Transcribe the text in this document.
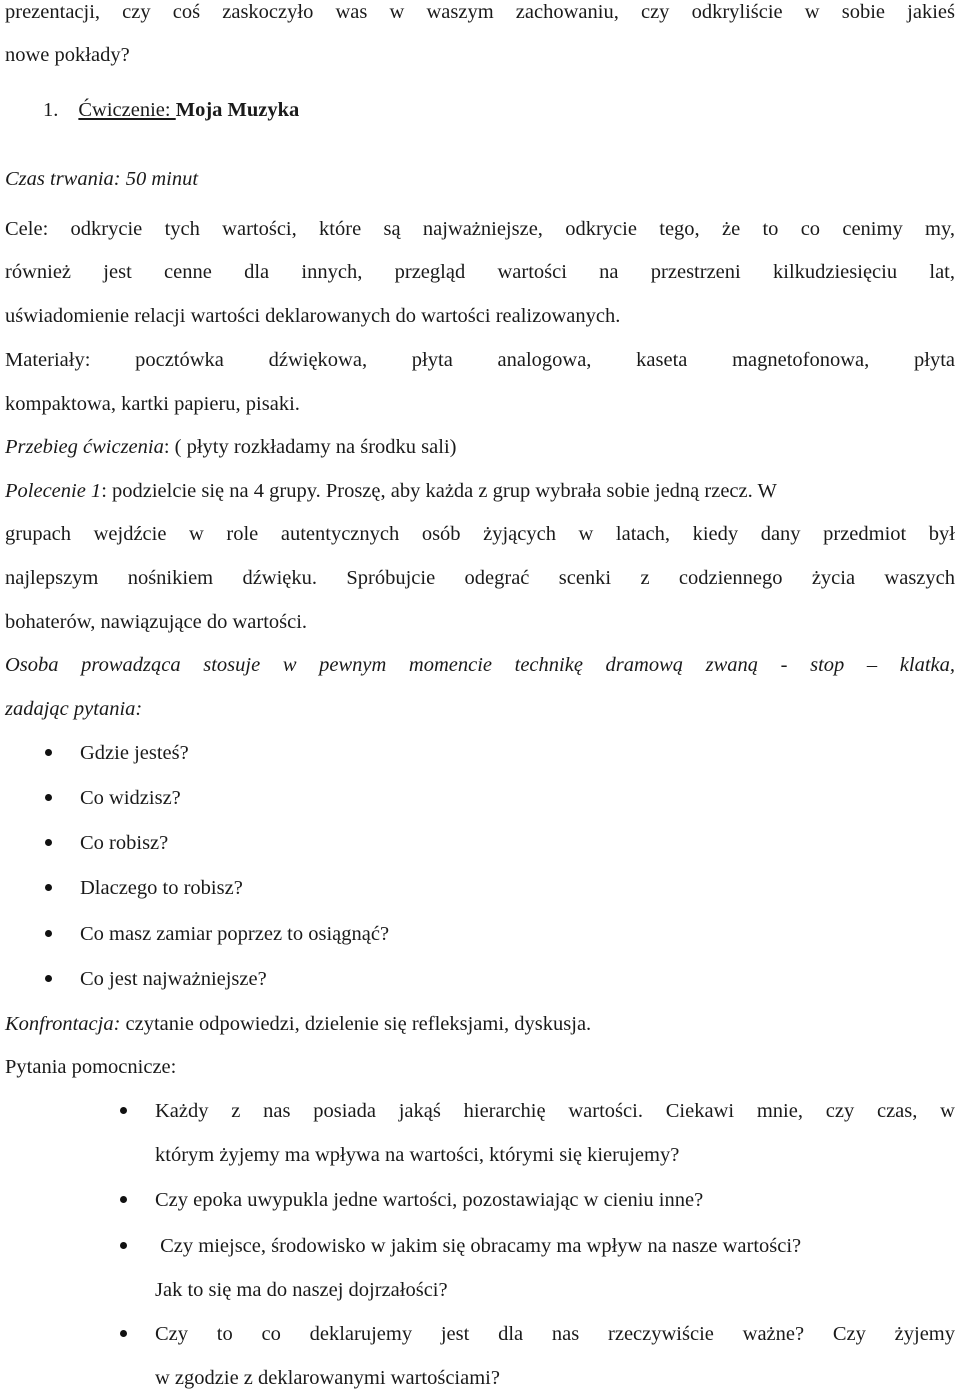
prezentacji, czy coś zaskoczyło was w waszym zachowaniu, czy odkryliście w sobie jakieś
nowe pokłady?
1. Ćwiczenie: Moja Muzyka
Czas trwania: 50 minut
Cele: odkrycie tych wartości, które są najważniejsze, odkrycie tego, że to co cenimy my,
również jest cenne dla innych, przegląd wartości na przestrzeni kilkudziesięciu lat,
uświadomienie relacji wartości deklarowanych do wartości realizowanych.
Materiały: pocztówka dźwiękowa, płyta analogowa, kaseta magnetofonowa, płyta
kompaktowa, kartki papieru, pisaki.
Przebieg ćwiczenia: ( płyty rozkładamy na środku sali)
Polecenie 1: podzielcie się na 4 grupy. Proszę, aby każda z grup wybrała sobie jedną rzecz. W
grupach wejdźcie w role autentycznych osób żyjących w latach, kiedy dany przedmiot był
najlepszym nośnikiem dźwięku. Spróbujcie odegrać scenki z codziennego życia waszych
bohaterów, nawiązujące do wartości.
Osoba prowadząca stosuje w pewnym momencie technikę dramową zwaną - stop – klatka,
zadając pytania:
Gdzie jesteś?
Co widzisz?
Co robisz?
Dlaczego to robisz?
Co masz zamiar poprzez to osiągnąć?
Co jest najważniejsze?
Konfrontacja: czytanie odpowiedzi, dzielenie się refleksjami, dyskusja.
Pytania pomocnicze:
Każdy z nas posiada jakąś hierarchię wartości. Ciekawi mnie, czy czas, w
którym żyjemy ma wpływa na wartości, którymi się kierujemy?
Czy epoka uwypukla jedne wartości, pozostawiając w cieniu inne?
Czy miejsce, środowisko w jakim się obracamy ma wpływ na nasze wartości?
Jak to się ma do naszej dojrzałości?
Czy to co deklarujemy jest dla nas rzeczywiście ważne? Czy żyjemy
w zgodzie z deklarowanymi wartościami?
